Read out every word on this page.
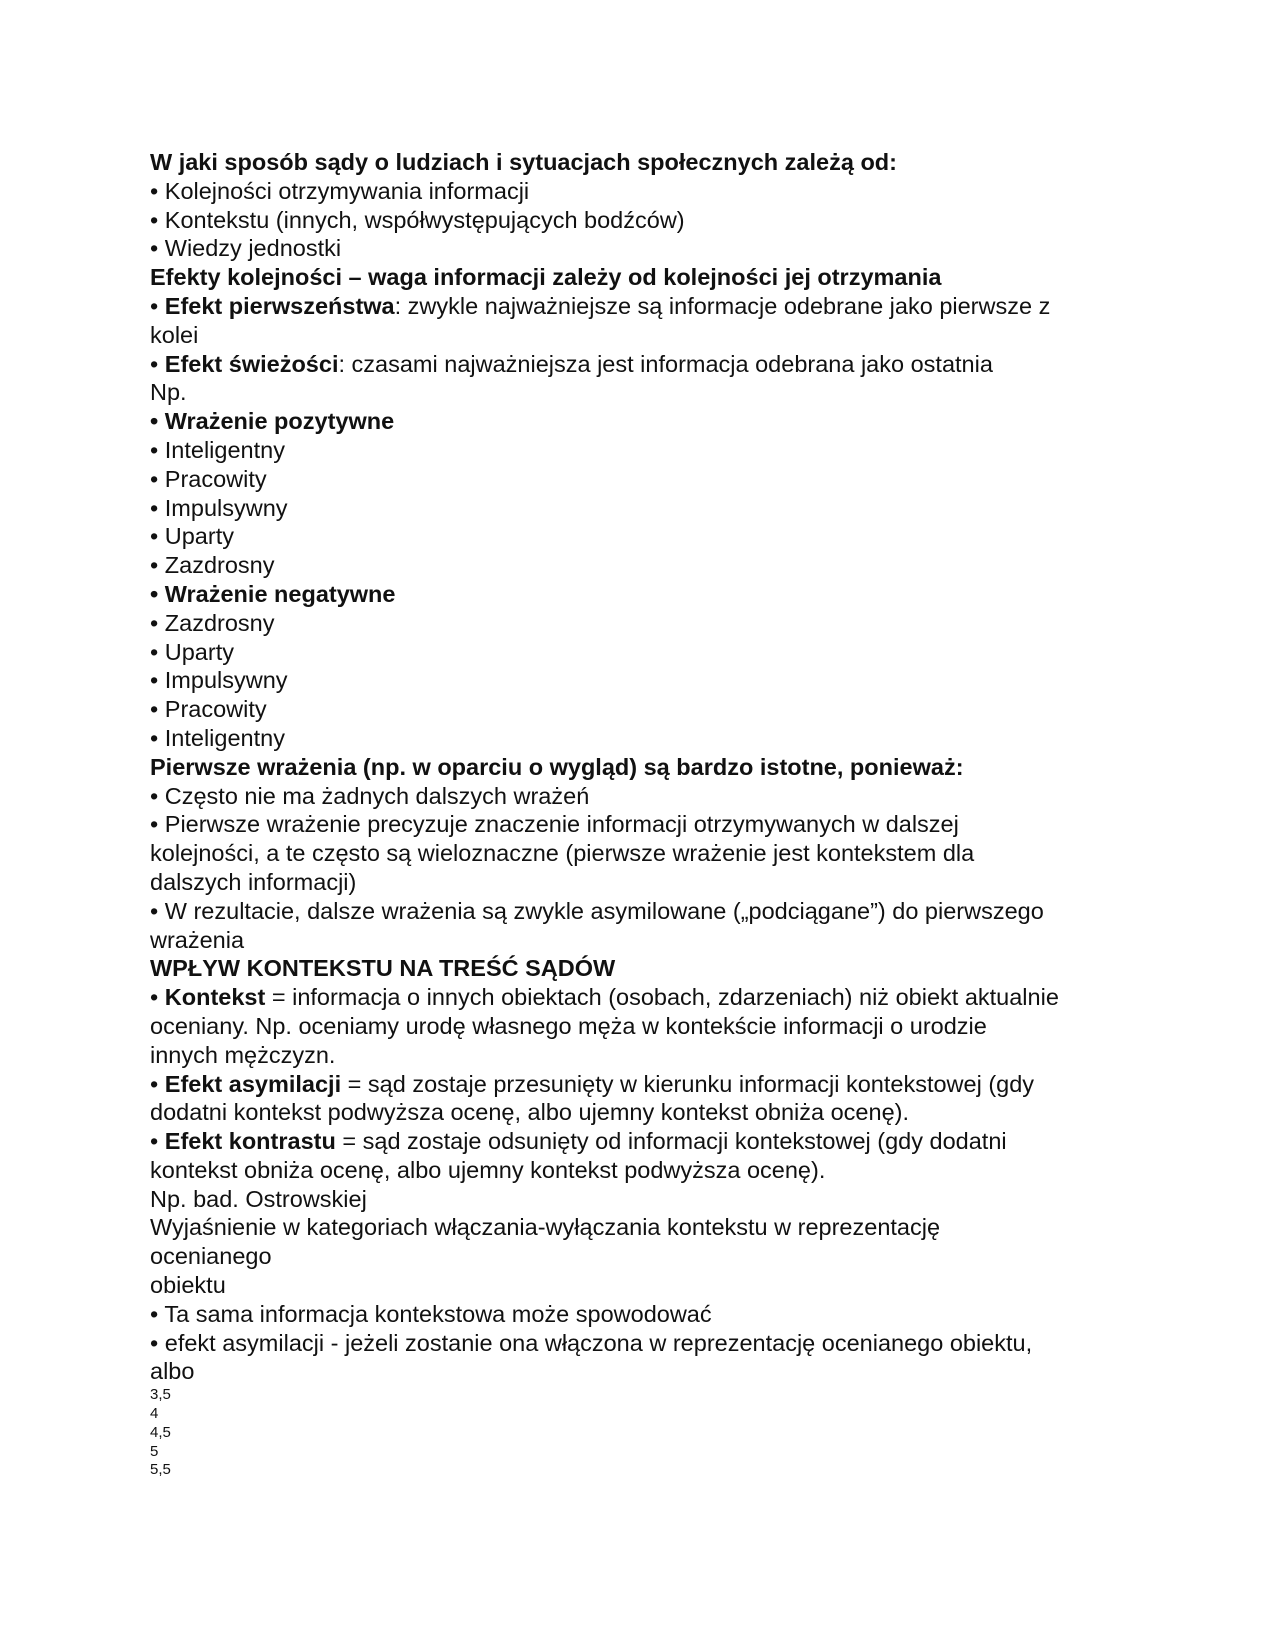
W jaki sposób sądy o ludziach i sytuacjach społecznych zależą od:
• Kolejności otrzymywania informacji
• Kontekstu (innych, współwystępujących bodźców)
• Wiedzy jednostki
Efekty kolejności – waga informacji zależy od kolejności jej otrzymania
• Efekt pierwszeństwa: zwykle najważniejsze są informacje odebrane jako pierwsze z
kolei
• Efekt świeżości: czasami najważniejsza jest informacja odebrana jako ostatnia
Np.
• Wrażenie pozytywne
• Inteligentny
• Pracowity
• Impulsywny
• Uparty
• Zazdrosny
• Wrażenie negatywne
• Zazdrosny
• Uparty
• Impulsywny
• Pracowity
• Inteligentny
Pierwsze wrażenia (np. w oparciu o wygląd) są bardzo istotne, ponieważ:
• Często nie ma żadnych dalszych wrażeń
• Pierwsze wrażenie precyzuje znaczenie informacji otrzymywanych w dalszej
kolejności, a te często są wieloznaczne (pierwsze wrażenie jest kontekstem dla
dalszych informacji)
• W rezultacie, dalsze wrażenia są zwykle asymilowane („podciągane”) do pierwszego
wrażenia
WPŁYW KONTEKSTU NA TREŚĆ SĄDÓW
• Kontekst = informacja o innych obiektach (osobach, zdarzeniach) niż obiekt aktualnie
oceniany. Np. oceniamy urodę własnego męża w kontekście informacji o urodzie
innych mężczyzn.
• Efekt asymilacji = sąd zostaje przesunięty w kierunku informacji kontekstowej (gdy
dodatni kontekst podwyższa ocenę, albo ujemny kontekst obniża ocenę).
• Efekt kontrastu = sąd zostaje odsunięty od informacji kontekstowej (gdy dodatni
kontekst obniża ocenę, albo ujemny kontekst podwyższa ocenę).
Np. bad. Ostrowskiej
Wyjaśnienie w kategoriach włączania-wyłączania kontekstu w reprezentację
ocenianego
obiektu
• Ta sama informacja kontekstowa może spowodować
• efekt asymilacji - jeżeli zostanie ona włączona w reprezentację ocenianego obiektu,
albo
3,5
4
4,5
5
5,5
